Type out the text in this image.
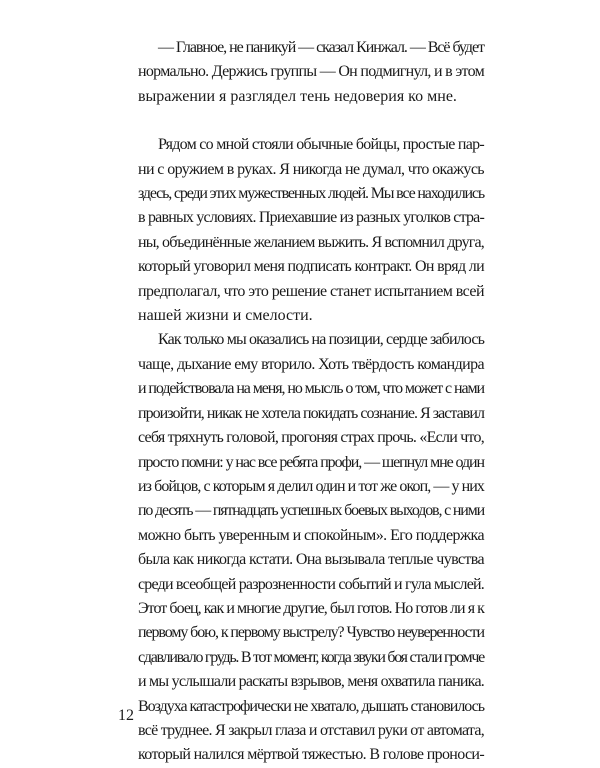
— Главное, не паникуй — сказал Кинжал. — Всё будет
нормально. Держись группы — Он подмигнул, и в этом
выражении я разглядел тень недоверия ко мне.

Рядом со мной стояли обычные бойцы, простые пар-
ни с оружием в руках. Я никогда не думал, что окажусь
здесь, среди этих мужественных людей. Мы все находились
в равных условиях. Приехавшие из разных уголков стра-
ны, объединённые желанием выжить. Я вспомнил друга,
который уговорил меня подписать контракт. Он вряд ли
предполагал, что это решение станет испытанием всей
нашей жизни и смелости.

Как только мы оказались на позиции, сердце забилось
чаще, дыхание ему вторило. Хоть твёрдость командира
и подействовала на меня, но мысль о том, что может с нами
произойти, никак не хотела покидать сознание. Я заставил
себя тряхнуть головой, прогоняя страх прочь. «Если что,
просто помни: у нас все ребята профи, — шепнул мне один
из бойцов, с которым я делил один и тот же окоп, — у них
по десять — пятнадцать успешных боевых выходов, с ними
можно быть уверенным и спокойным». Его поддержка
была как никогда кстати. Она вызывала теплые чувства
среди всеобщей разрозненности событий и гула мыслей.
Этот боец, как и многие другие, был готов. Но готов ли я к
первому бою, к первому выстрелу? Чувство неуверенности
сдавливало грудь. В тот момент, когда звуки боя стали громче
и мы услышали раскаты взрывов, меня охватила паника.
Воздуха катастрофически не хватало, дышать становилось
всё труднее. Я закрыл глаза и отставил руки от автомата,
который налился мёртвой тяжестью. В голове проноси-

12
